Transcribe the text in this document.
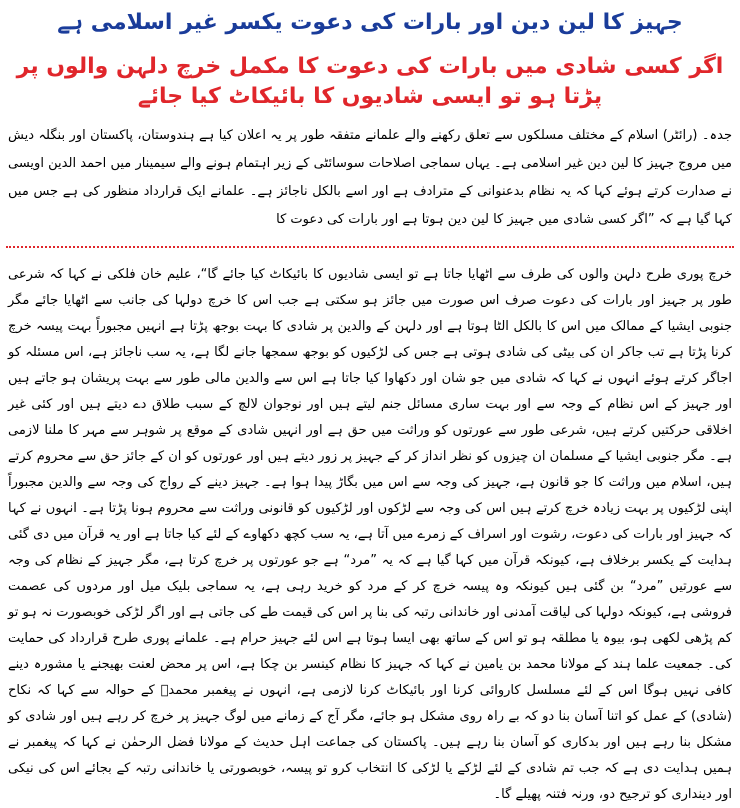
جہیز کا لین دین اور بارات کی دعوت یکسر غیر اسلامی ہے
اگر کسی شادی میں بارات کی دعوت کا مکمل خرچ دلہن والوں پر پڑتا ہو تو ایسی شادیوں کا بائیکاٹ کیا جائے

جدہ۔ (رائٹر) اسلام کے مختلف مسلکوں سے تعلق رکھنے والے علمانے متفقہ طور پر یہ اعلان کیا ہے ہندوستان، پاکستان اور بنگلہ دیش میں مروج جہیز کا لین دین غیر اسلامی ہے۔ یہاں سماجی اصلاحات سوسائٹی کے زیر اہتمام ہونے والے سیمینار میں احمد الدین اویسی نے صدارت کرتے ہوئے کہا کہ یہ نظام بدعنوانی کے مترادف ہے اور اسے بالکل ناجائز ہے۔ علمانے ایک قرارداد منظور کی ہے جس میں کہا گیا ہے کہ ”اگر کسی شادی میں جہیز کا لین دین ہوتا ہے اور بارات کی دعوت کا

خرچ پوری طرح دلہن والوں کی طرف سے اٹھایا جاتا ہے تو ایسی شادیوں کا بائیکاٹ کیا جائے گا“، علیم خان فلکی نے کہا کہ شرعی طور پر جہیز اور بارات کی دعوت صرف اس صورت میں جائز ہو سکتی ہے جب اس کا خرچ دولہا کی جانب سے اٹھایا جائے مگر جنوبی ایشیا کے ممالک میں اس کا بالکل الٹا ہوتا ہے اور دلہن کے والدین پر شادی کا بہت بوجھ پڑتا ہے انہیں مجبوراً بہت پیسہ خرچ کرنا پڑتا ہے تب جاکر ان کی بیٹی کی شادی ہوتی ہے جس کی لڑکیوں کو بوجھ سمجھا جانے لگا ہے، یہ سب ناجائز ہے، اس مسئلہ کو اجاگر کرتے ہوئے انہوں نے کہا کہ شادی میں جو شان اور دکھاوا کیا جاتا ہے اس سے والدین مالی طور سے بہت پریشان ہو جاتے ہیں اور جہیز کے اس نظام کے وجہ سے اور بہت ساری مسائل جنم لیتے ہیں اور نوجوان لالچ کے سبب طلاق دے دیتے ہیں اور کئی غیر اخلاقی حرکتیں کرتے ہیں، شرعی طور سے عورتوں کو وراثت میں حق ہے اور انہیں شادی کے موقع پر شوہر سے مہر کا ملنا لازمی ہے۔ مگر جنوبی ایشیا کے مسلمان ان چیزوں کو نظر انداز کر کے جہیز پر زور دیتے ہیں اور عورتوں کو ان کے جائز حق سے محروم کرتے ہیں، اسلام میں وراثت کا جو قانون ہے، جہیز کی وجہ سے اس میں بگاڑ پیدا ہوا ہے۔ جہیز دینے کے رواج کی وجہ سے والدین مجبوراً اپنی لڑکیوں پر بہت زیادہ خرچ کرتے ہیں اس کی وجہ سے لڑکوں اور لڑکیوں کو قانونی وراثت سے محروم ہونا پڑتا ہے۔ انہوں نے کہا کہ جہیز اور بارات کی دعوت، رشوت اور اسراف کے زمرے میں آتا ہے، یہ سب کچھ دکھاوے کے لئے کیا جاتا ہے اور یہ قرآن میں دی گئی ہدایت کے یکسر برخلاف ہے، کیونکہ قرآن میں کہا گیا ہے کہ یہ ”مرد“ ہے جو عورتوں پر خرچ کرتا ہے، مگر جہیز کے نظام کی وجہ سے عورتیں ”مرد“ بن گئی ہیں کیونکہ وہ پیسہ خرچ کر کے مرد کو خرید رہی ہے، یہ سماجی بلیک میل اور مردوں کی عصمت فروشی ہے، کیونکہ دولہا کی لیاقت آمدنی اور خاندانی رتبہ کی بنا پر اس کی قیمت طے کی جاتی ہے اور اگر لڑکی خوبصورت نہ ہو تو کم پڑھی لکھی ہو، بیوہ یا مطلقہ ہو تو اس کے ساتھ بھی ایسا ہوتا ہے اس لئے جہیز حرام ہے۔ علمانے پوری طرح قرارداد کی حمایت کی۔ جمعیت علما ہند کے مولانا محمد بن یامین نے کہا کہ جہیز کا نظام کینسر بن چکا ہے، اس پر محض لعنت بھیجنے یا مشورہ دینے کافی نہیں ہوگا اس کے لئے مسلسل کاروائی کرنا اور بائیکاٹ کرنا لازمی ہے، انہوں نے پیغمبر محمدؐ کے حوالہ سے کہا کہ نکاح (شادی) کے عمل کو اتنا آسان بنا دو کہ بے راہ روی مشکل ہو جائے، مگر آج کے زمانے میں لوگ جہیز پر خرچ کر رہے ہیں اور شادی کو مشکل بنا رہے ہیں اور بدکاری کو آسان بنا رہے ہیں۔ پاکستان کی جماعت اہل حدیث کے مولانا فضل الرحمٰن نے کہا کہ پیغمبر نے ہمیں ہدایت دی ہے کہ جب تم شادی کے لئے لڑکے یا لڑکی کا انتخاب کرو تو پیسہ، خوبصورتی یا خاندانی رتبہ کے بجائے اس کی نیکی اور دینداری کو ترجیح دو، ورنہ فتنہ پھیلے گا۔
